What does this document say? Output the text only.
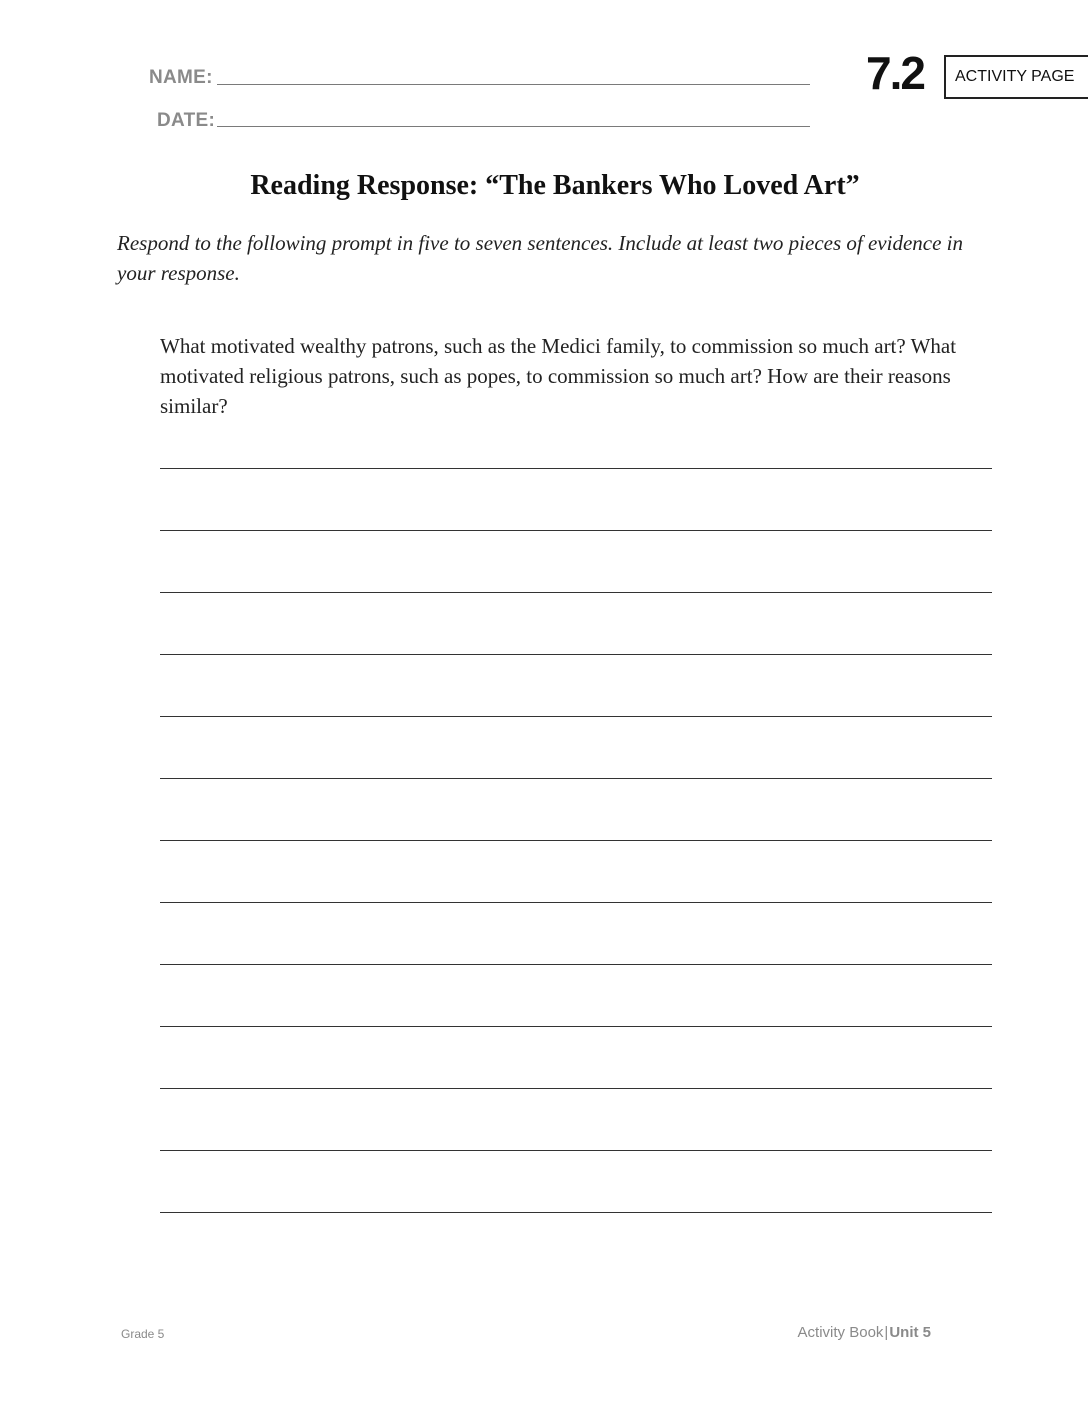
NAME:
DATE:
7.2 ACTIVITY PAGE
Reading Response: “The Bankers Who Loved Art”
Respond to the following prompt in five to seven sentences. Include at least two pieces of evidence in your response.
What motivated wealthy patrons, such as the Medici family, to commission so much art? What motivated religious patrons, such as popes, to commission so much art? How are their reasons similar?
Grade 5	Activity Book|Unit 5
